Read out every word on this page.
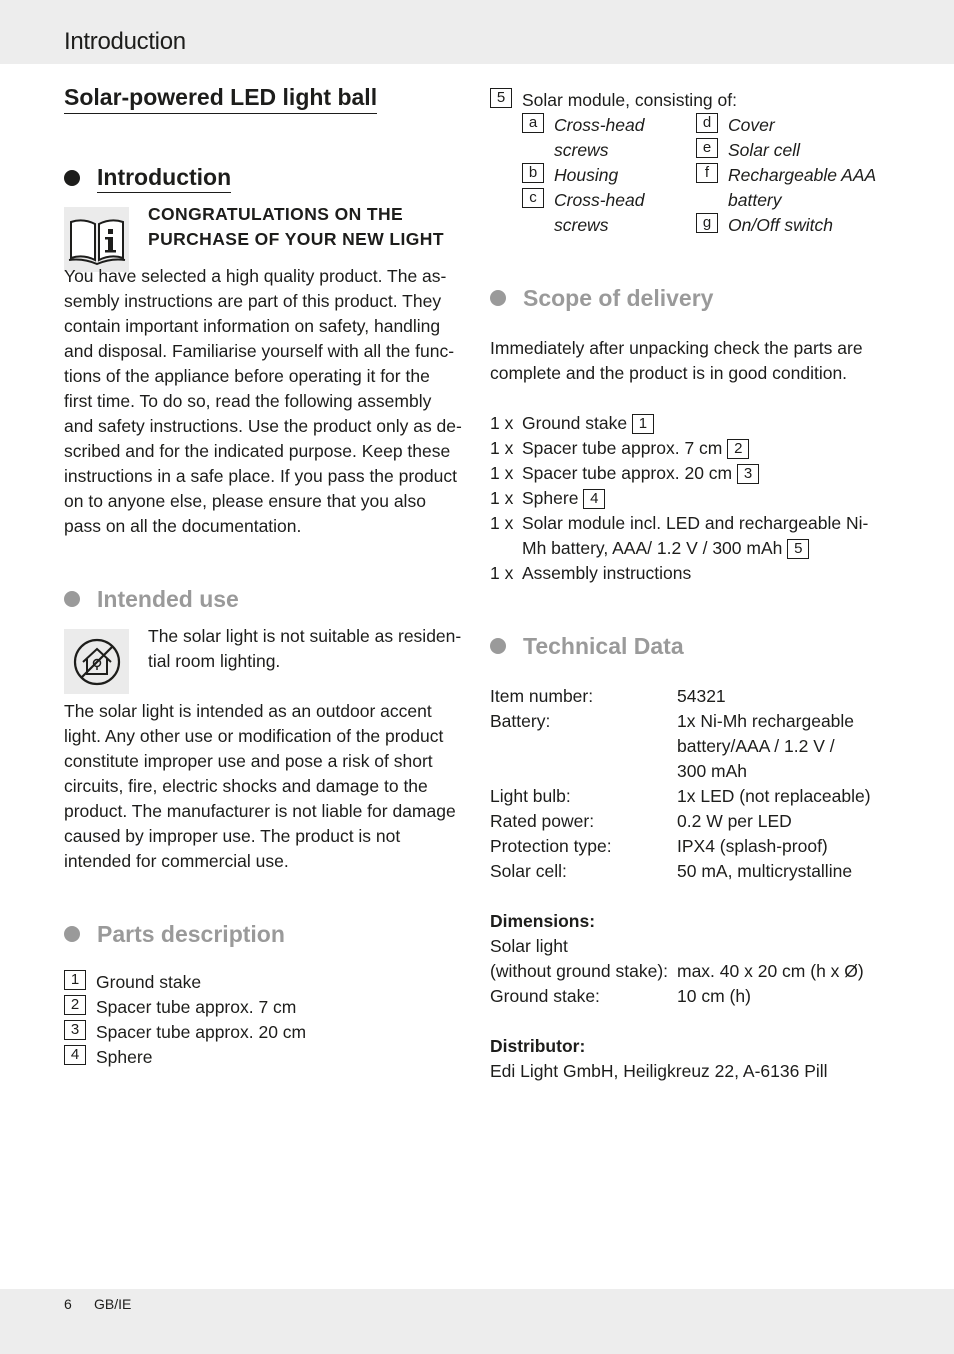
Introduction
Solar-powered LED light ball
Introduction
CONGRATULATIONS ON THE PURCHASE OF YOUR NEW LIGHT
You have selected a high quality product. The as-
sembly instructions are part of this product. They
contain important information on safety, handling
and disposal. Familiarise yourself with all the func-
tions of the appliance before operating it for the
first time. To do so, read the following assembly
and safety instructions. Use the product only as de-
scribed and for the indicated purpose. Keep these
instructions in a safe place. If you pass the product
on to anyone else, please ensure that you also
pass on all the documentation.
Intended use
The solar light is not suitable as residen-
tial room lighting.
The solar light is intended as an outdoor accent
light. Any other use or modification of the product
constitute improper use and pose a risk of short
circuits, fire, electric shocks and damage to the
product. The manufacturer is not liable for damage
caused by improper use. The product is not
intended for commercial use.
Parts description
1 Ground stake
2 Spacer tube approx. 7 cm
3 Spacer tube approx. 20 cm
4 Sphere
5 Solar module, consisting of:
a Cross-head
screws
b Housing
c Cross-head
screws
d Cover
e Solar cell
f	Rechargeable AAA
battery
g On/Off switch
Scope of delivery
Immediately after unpacking check the parts are
complete and the product is in good condition.
1 x Ground stake 1
1 x Spacer tube approx. 7 cm 2
1 x Spacer tube approx. 20 cm 3
1 x Sphere 4
1 x Solar module incl. LED and rechargeable Ni-
Mh battery, AAA/ 1.2 V / 300 mAh 5
1 x Assembly instructions
Technical Data
Item number:	54321
Battery:	1x Ni-Mh rechargeable
battery/AAA / 1.2 V /
300 mAh
Light bulb:	1x LED (not replaceable)
Rated power:	0.2 W per LED
Protection type:	IPX4 (splash-proof)
Solar cell:	50 mA, multicrystalline
Dimensions:
Solar light
(without ground stake): max. 40 x 20 cm (h x Ø)
Ground stake:	10 cm (h)
Distributor:
Edi Light GmbH, Heiligkreuz 22, A-6136 Pill
6 GB/IE
